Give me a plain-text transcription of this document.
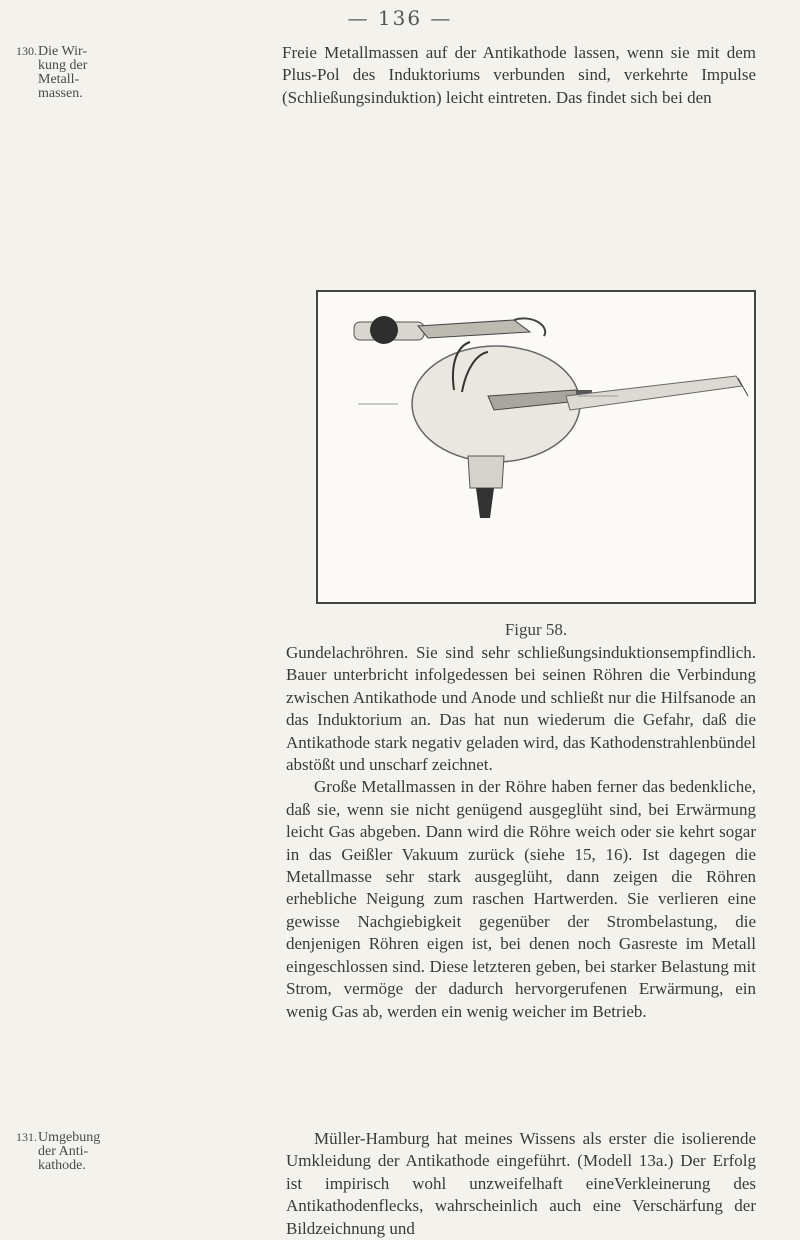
— 136 —
130.Die Wir-
kung der
Metall-
massen.

Freie Metallmassen auf der Antikathode lassen, wenn sie mit dem Plus-Pol des Induktoriums verbunden sind, verkehrte Impulse (Schließungsinduktion) leicht eintreten. Das findet sich bei den

Figur 58.

Gundelachröhren. Sie sind sehr schließungsinduktionsempfindlich. Bauer unterbricht infolgedessen bei seinen Röhren die Verbindung zwischen Antikathode und Anode und schließt nur die Hilfsanode an das Induktorium an. Das hat nun wiederum die Gefahr, daß die Antikathode stark negativ geladen wird, das Kathodenstrahlenbündel abstößt und unscharf zeichnet.

Große Metallmassen in der Röhre haben ferner das bedenkliche, daß sie, wenn sie nicht genügend ausgeglüht sind, bei Erwärmung leicht Gas abgeben. Dann wird die Röhre weich oder sie kehrt sogar in das Geißler Vakuum zurück (siehe 15, 16). Ist dagegen die Metallmasse sehr stark ausgeglüht, dann zeigen die Röhren erhebliche Neigung zum raschen Hartwerden. Sie verlieren eine gewisse Nachgiebigkeit gegenüber der Strombelastung, die denjenigen Röhren eigen ist, bei denen noch Gasreste im Metall eingeschlossen sind. Diese letzteren geben, bei starker Belastung mit Strom, vermöge der dadurch hervorgerufenen Erwärmung, ein wenig Gas ab, werden ein wenig weicher im Betrieb.

131.Umgebung
der Anti-
kathode.

Müller-Hamburg hat meines Wissens als erster die isolierende Umkleidung der Antikathode eingeführt. (Modell 13a.) Der Erfolg ist impirisch wohl unzweifelhaft eineVerkleinerung des Antikathodenflecks, wahrscheinlich auch eine Verschärfung der Bildzeichnung und
